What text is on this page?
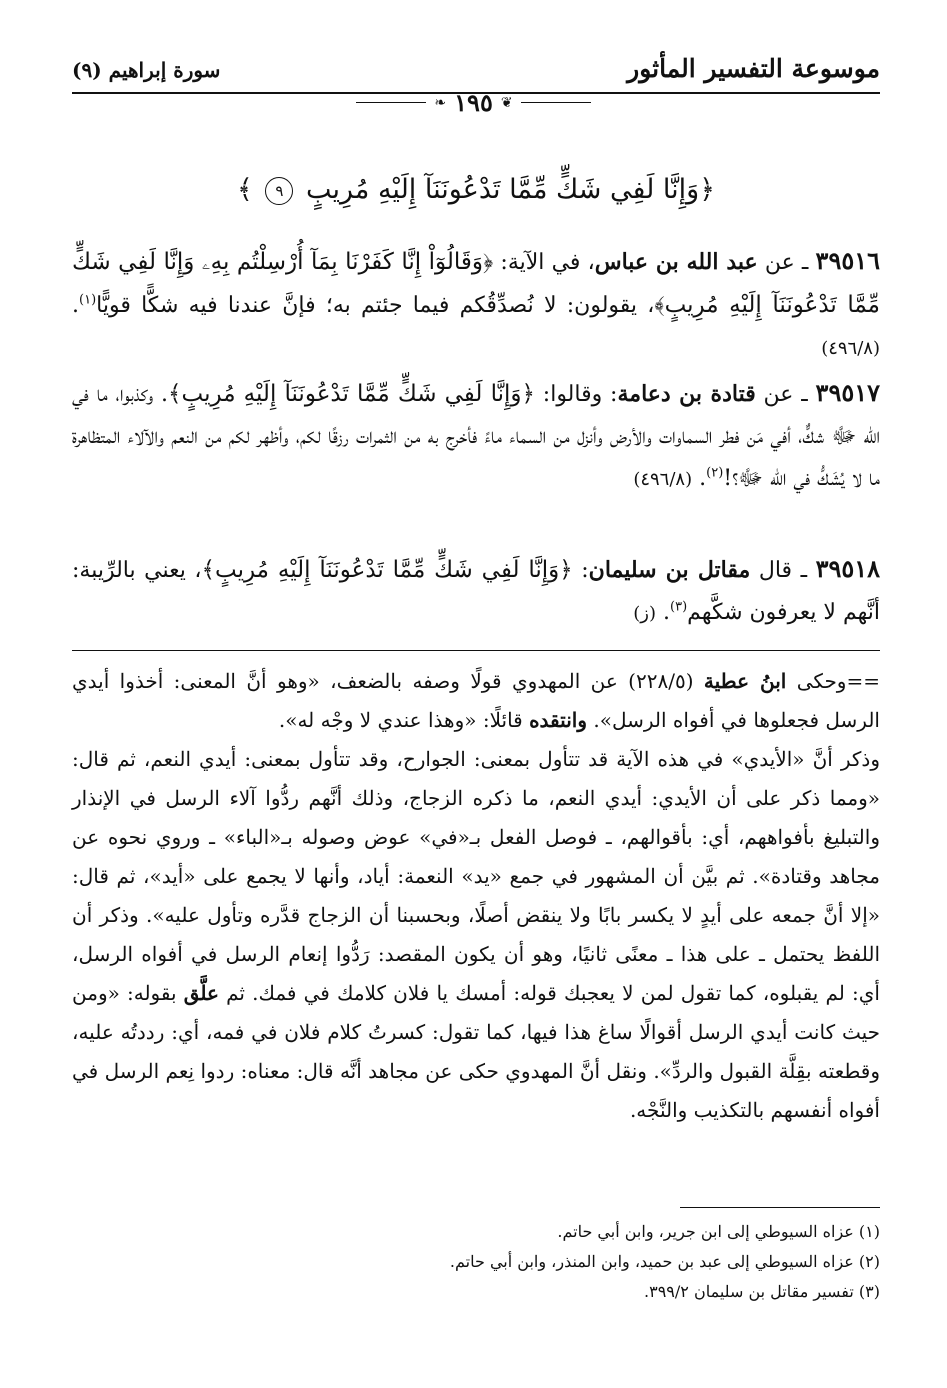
موسوعة التفسير المأثور
سورة إبراهيم (٩)
❦
١٩٥
❧
﴿وَإِنَّا لَفِي شَكٍّ مِّمَّا تَدْعُونَنَآ إِلَيْهِ مُرِيبٍ ٩ ﴾
٣٩٥١٦ ـ عن عبد الله بن عباس، في الآية: ﴿وَقَالُوٓاْ إِنَّا كَفَرْنَا بِمَآ أُرْسِلْتُم بِهِۦ وَإِنَّا لَفِي شَكٍّ مِّمَّا تَدْعُونَنَآ إِلَيْهِ مُرِيبٍ﴾، يقولون: لا نُصدِّقُكم فيما جئتم به؛ فإنَّ عندنا فيه شكًّا قويًّا$^{(١)}$. (٤٩٦/٨)
٣٩٥١٧ ـ عن قتادة بن دعامة: وقالوا: ﴿وَإِنَّا لَفِي شَكٍّ مِّمَّا تَدْعُونَنَآ إِلَيْهِ مُرِيبٍ﴾. وكذبوا، ما في الله ﷻ شكٌّ، أفي مَن فطر السماوات والأرض وأنزل من السماء ماءً فأخرج به من الثمرات رزقًا لكم، وأظهر لكم من النعم والآلاء المتظاهرة ما لا يُشَكُّ في الله ﷻ؟!$^{(٢)}$. (٤٩٦/٨)
٣٩٥١٨ ـ قال مقاتل بن سليمان: ﴿وَإِنَّا لَفِي شَكٍّ مِّمَّا تَدْعُونَنَآ إِلَيْهِ مُرِيبٍ﴾، يعني بالرِّيبة: أنَّهم لا يعرفون شكَّهم$^{(٣)}$. (ز)

==وحكى ابنُ عطية (٢٢٨/٥) عن المهدوي قولًا وصفه بالضعف، «وهو أنَّ المعنى: أخذوا أيدي الرسل فجعلوها في أفواه الرسل». وانتقده قائلًا: «وهذا عندي لا وجْه له».

وذكر أنَّ «الأيدي» في هذه الآية قد تتأول بمعنى: الجوارح، وقد تتأول بمعنى: أيدي النعم، ثم قال: «ومما ذكر على أن الأيدي: أيدي النعم، ما ذكره الزجاج، وذلك أنَّهم ردُّوا آلاء الرسل في الإنذار والتبليغ بأفواههم، أي: بأقوالهم، ـ فوصل الفعل بـ«في» عوض وصوله بـ«الباء» ـ وروي نحوه عن مجاهد وقتادة». ثم بيَّن أن المشهور في جمع «يد» النعمة: أياد، وأنها لا يجمع على «أيد»، ثم قال: «إلا أنَّ جمعه على أيدٍ لا يكسر بابًا ولا ينقض أصلًا، وبحسبنا أن الزجاج قدَّره وتأول عليه». وذكر أن اللفظ يحتمل ـ على هذا ـ معنًى ثانيًا، وهو أن يكون المقصد: رَدُّوا إنعام الرسل في أفواه الرسل، أي: لم يقبلوه، كما تقول لمن لا يعجبك قوله: أمسك يا فلان كلامك في فمك. ثم علَّق بقوله: «ومن حيث كانت أيدي الرسل أقوالًا ساغ هذا فيها، كما تقول: كسرتُ كلام فلان في فمه، أي: رددتُه عليه، وقطعته بقِلَّة القبول والردِّ». ونقل أنَّ المهدوي حكى عن مجاهد أنَّه قال: معناه: ردوا نِعم الرسل في أفواه أنفسهم بالتكذيب والنَّجْه.

(١) عزاه السيوطي إلى ابن جرير، وابن أبي حاتم.
(٢) عزاه السيوطي إلى عبد بن حميد، وابن المنذر، وابن أبي حاتم.
(٣) تفسير مقاتل بن سليمان ٣٩٩/٢.
